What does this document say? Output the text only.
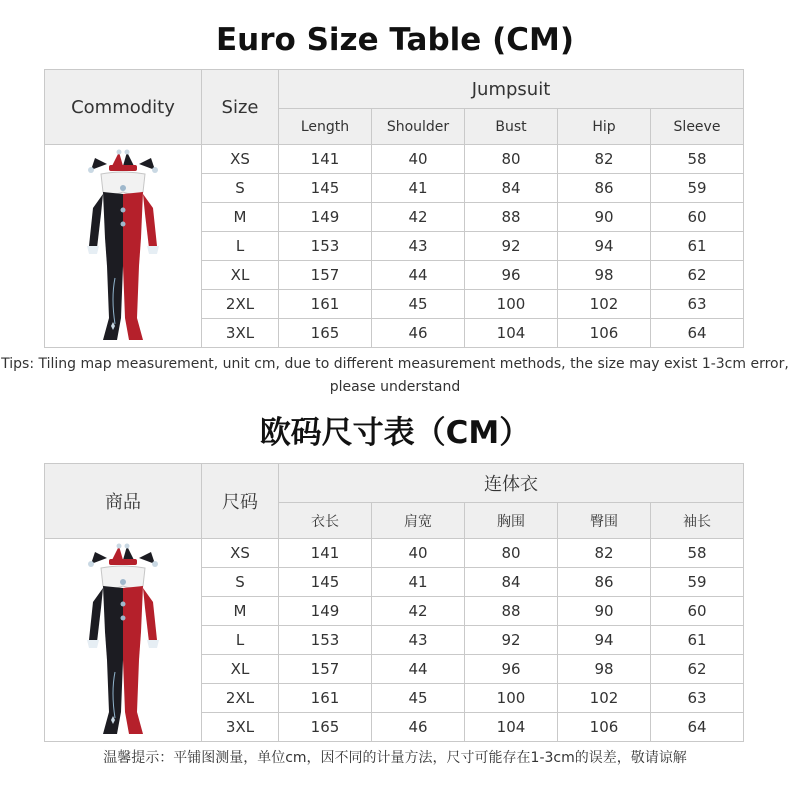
Euro Size Table (CM)
Commodity	Size	Jumpsuit				
		Length	Shoulder	Bust	Hip	Sleeve

	XS	141	40	80	82	58
	S	145	41	84	86	59
	M	149	42	88	90	60
	L	153	43	92	94	61
	XL	157	44	96	98	62
	2XL	161	45	100	102	63
	3XL	165	46	104	106	64
Tips: Tiling map measurement, unit cm, due to different measurement methods, the size may exist 1-3cm error, please understand
欧码尺寸表（CM）
商品	尺码	连体衣				
		衣长	肩宽	胸围	臀围	袖长

	XS	141	40	80	82	58
	S	145	41	84	86	59
	M	149	42	88	90	60
	L	153	43	92	94	61
	XL	157	44	96	98	62
	2XL	161	45	100	102	63
	3XL	165	46	104	106	64
温馨提示：平铺图测量，单位cm，因不同的计量方法，尺寸可能存在1-3cm的误差，敬请谅解
